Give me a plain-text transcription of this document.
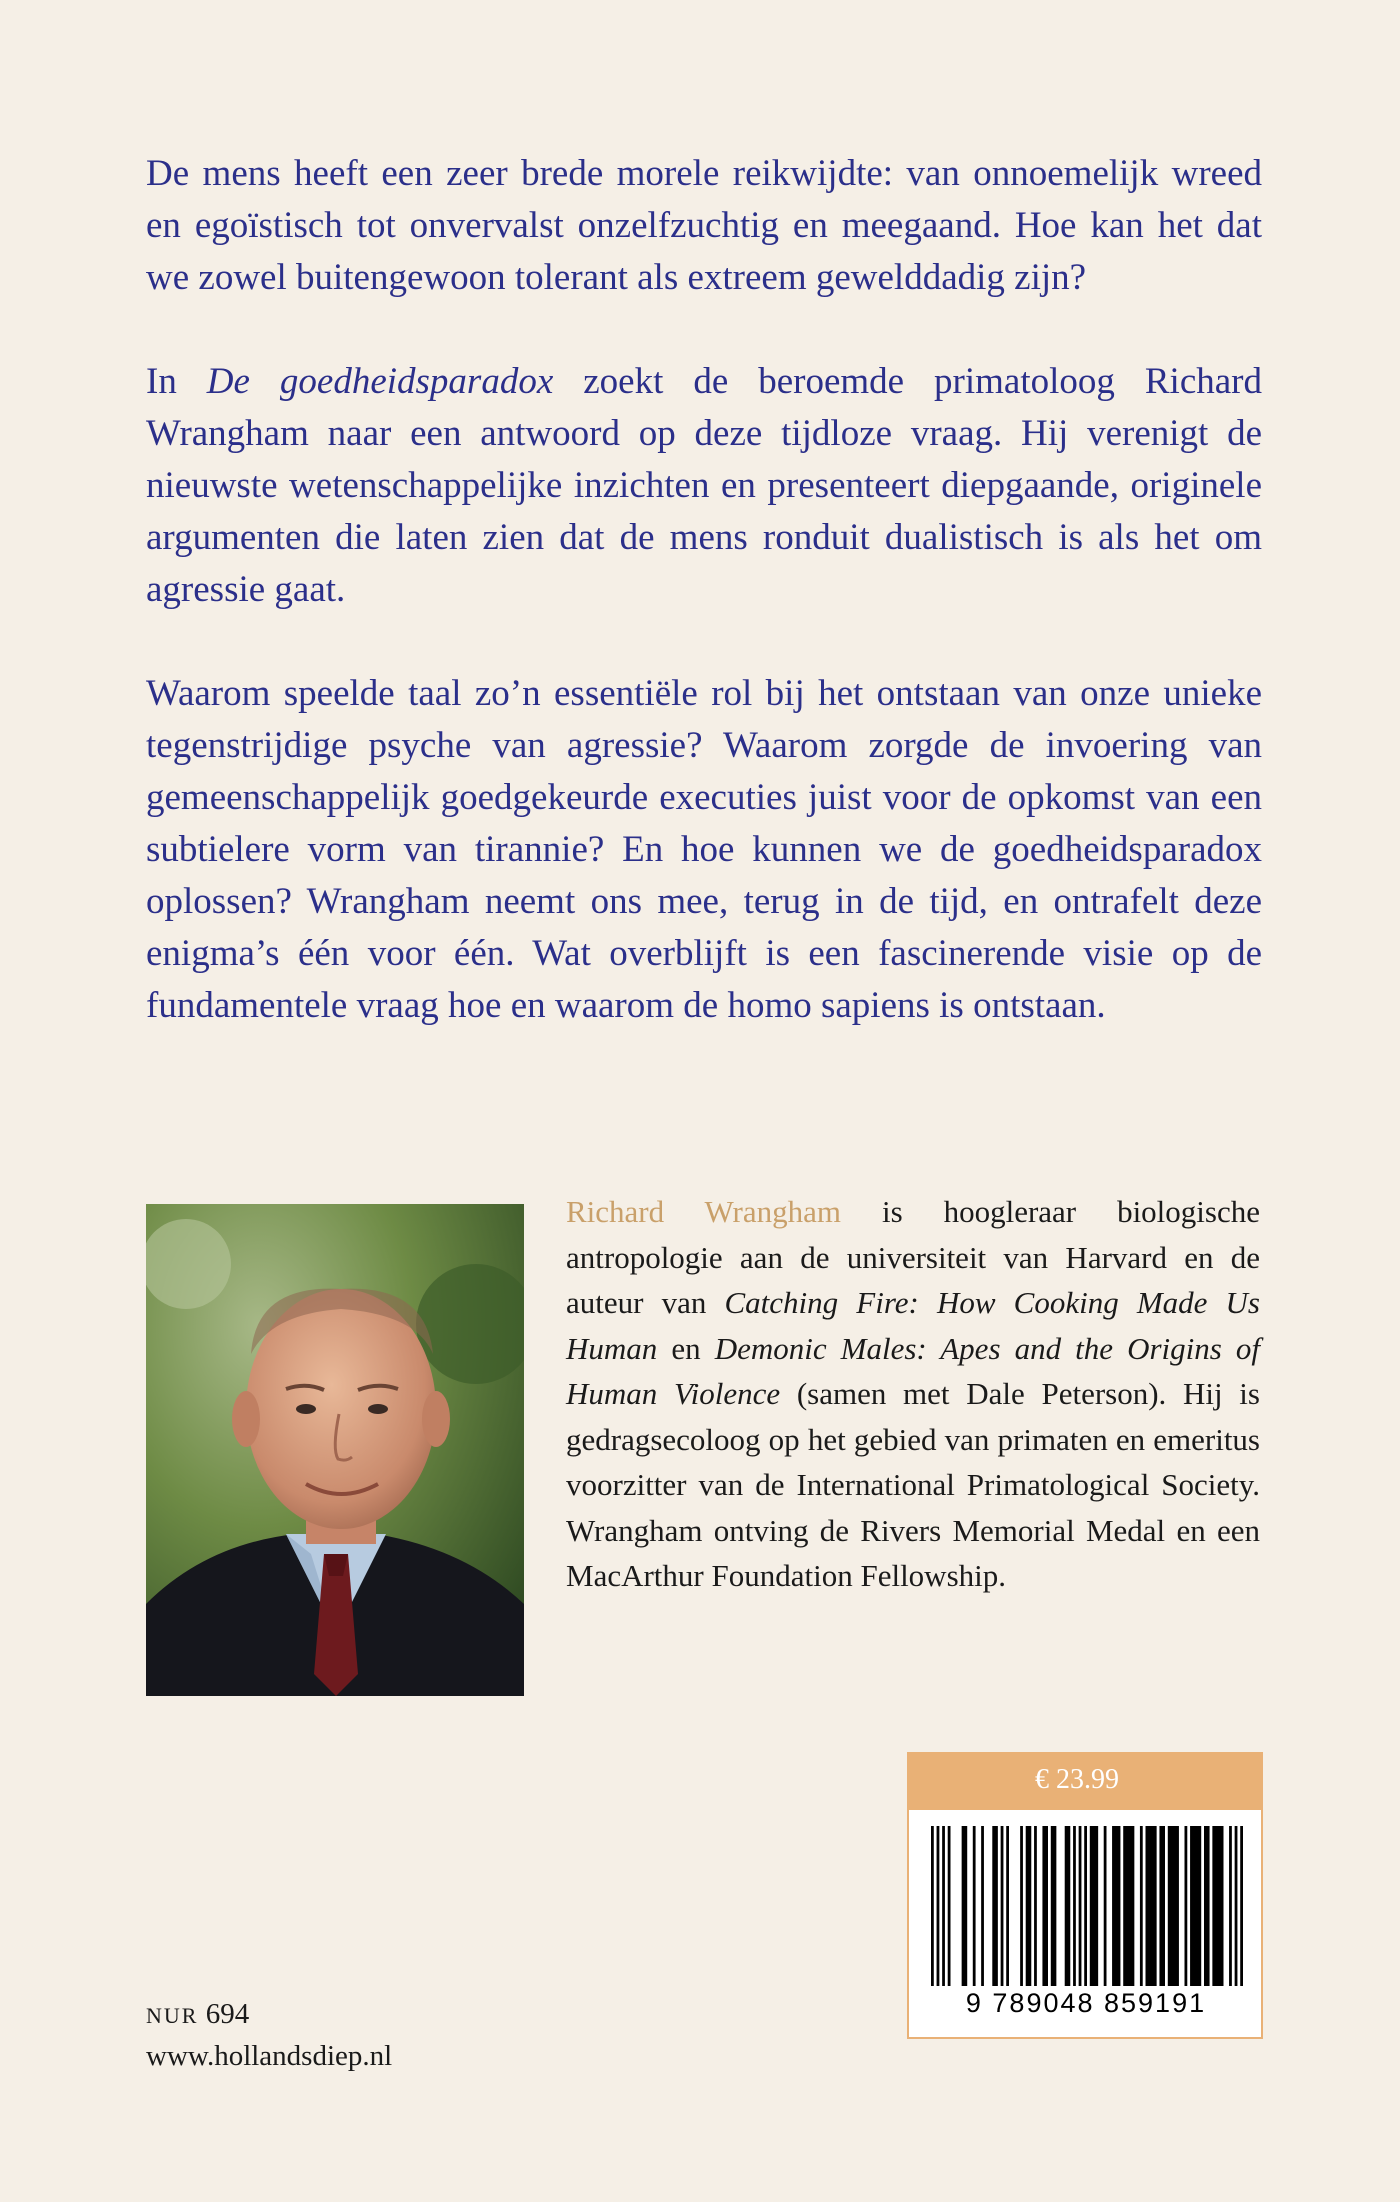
De mens heeft een zeer brede morele reikwijdte: van onnoemelijk wreed en egoïstisch tot onvervalst onzelfzuchtig en meegaand. Hoe kan het dat we zowel buitengewoon tolerant als extreem gewelddadig zijn?

In De goedheidsparadox zoekt de beroemde primatoloog Richard Wrangham naar een antwoord op deze tijdloze vraag. Hij verenigt de nieuwste wetenschappelijke inzichten en presenteert diepgaande, originele argumenten die laten zien dat de mens ronduit dualistisch is als het om agressie gaat.

Waarom speelde taal zo’n essentiële rol bij het ontstaan van onze unieke tegenstrijdige psyche van agressie? Waarom zorgde de invoering van gemeenschappelijk goedgekeurde executies juist voor de opkomst van een subtielere vorm van tirannie? En hoe kunnen we de goedheidsparadox oplossen? Wrangham neemt ons mee, terug in de tijd, en ontrafelt deze enigma’s één voor één. Wat overblijft is een fascinerende visie op de fundamentele vraag hoe en waarom de homo sapiens is ontstaan.

Richard Wrangham is hoogleraar biologische antropologie aan de universiteit van Harvard en de auteur van Catching Fire: How Cooking Made Us Human en Demonic Males: Apes and the Origins of Human Violence (samen met Dale Peterson). Hij is gedragsecoloog op het gebied van primaten en emeritus voorzitter van de International Primatological Society. Wrangham ontving de Rivers Memorial Medal en een MacArthur Foundation Fellowship.
€ 23.99
9 789048 859191
NUR 694
www.hollandsdiep.nl
